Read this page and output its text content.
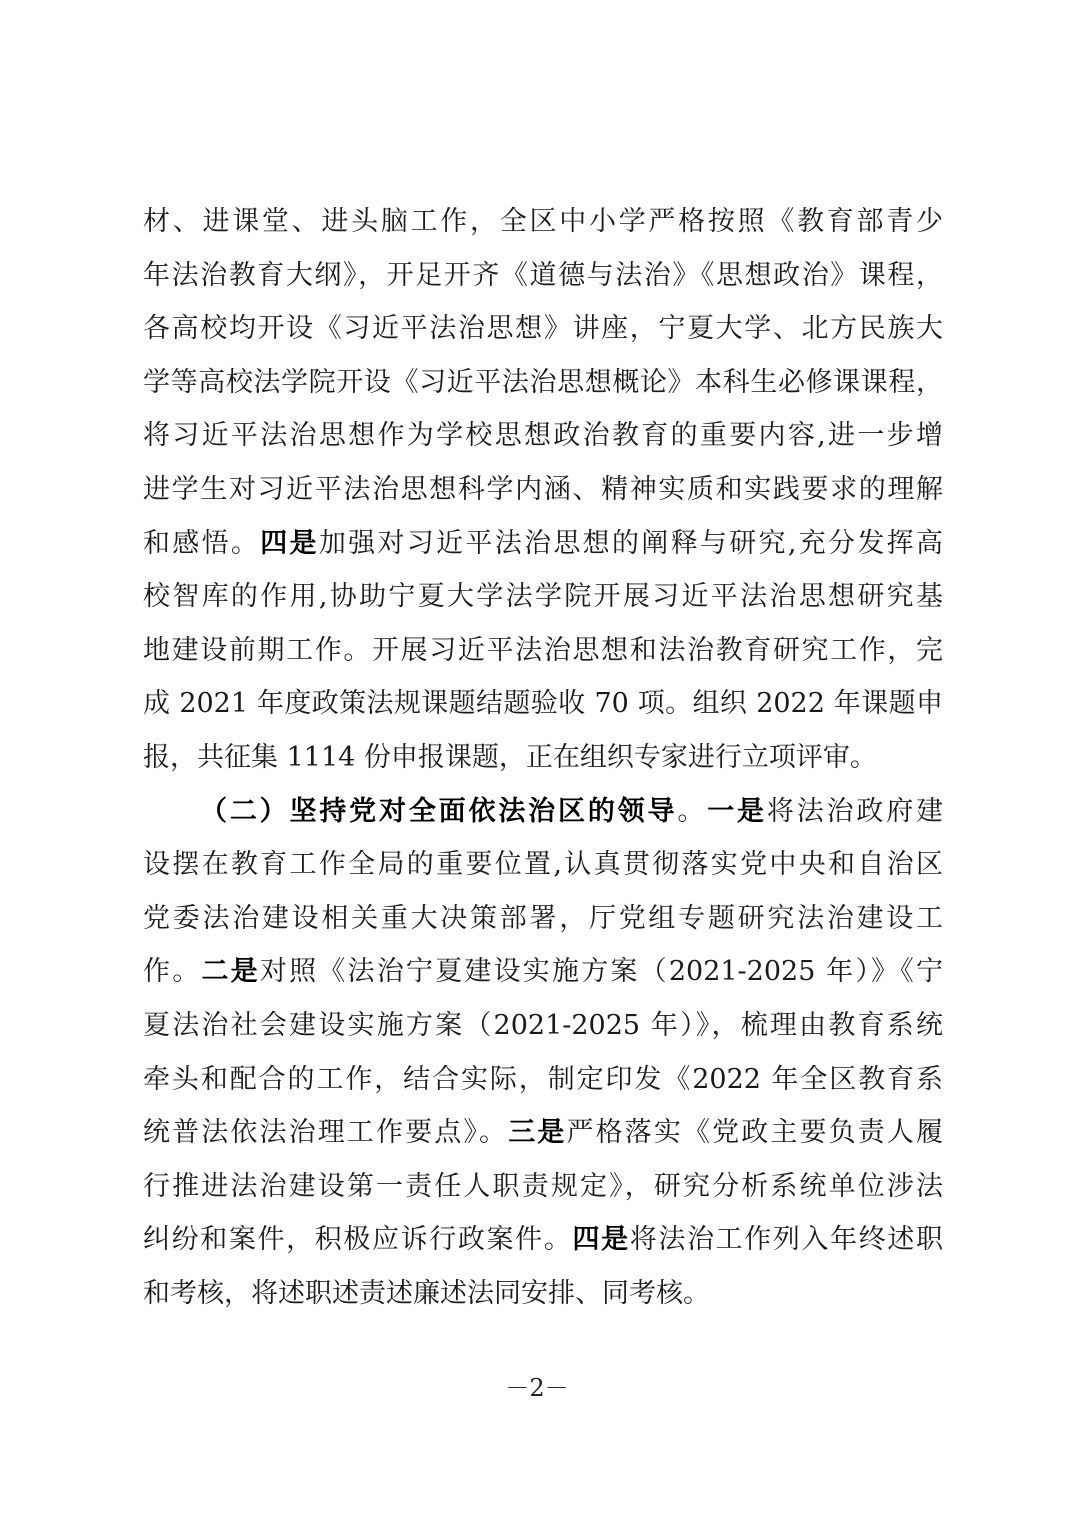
材、进课堂、进头脑工作，全区中小学严格按照《教育部青少
年法治教育大纲》，开足开齐《道德与法治》《思想政治》课程，
各高校均开设《习近平法治思想》讲座，宁夏大学、北方民族大
学等高校法学院开设《习近平法治思想概论》本科生必修课课程，
将习近平法治思想作为学校思想政治教育的重要内容,进一步增
进学生对习近平法治思想科学内涵、精神实质和实践要求的理解
和感悟。四是加强对习近平法治思想的阐释与研究,充分发挥高
校智库的作用,协助宁夏大学法学院开展习近平法治思想研究基
地建设前期工作。开展习近平法治思想和法治教育研究工作，完
成 2021 年度政策法规课题结题验收 70 项。组织 2022 年课题申
报，共征集 1114 份申报课题，正在组织专家进行立项评审。
（二）坚持党对全面依法治区的领导。一是将法治政府建
设摆在教育工作全局的重要位置,认真贯彻落实党中央和自治区
党委法治建设相关重大决策部署，厅党组专题研究法治建设工
作。二是对照《法治宁夏建设实施方案（2021-2025 年）》《宁
夏法治社会建设实施方案（2021-2025 年）》，梳理由教育系统
牵头和配合的工作，结合实际，制定印发《2022 年全区教育系
统普法依法治理工作要点》。三是严格落实《党政主要负责人履
行推进法治建设第一责任人职责规定》，研究分析系统单位涉法
纠纷和案件，积极应诉行政案件。四是将法治工作列入年终述职
和考核，将述职述责述廉述法同安排、同考核。
－2－
